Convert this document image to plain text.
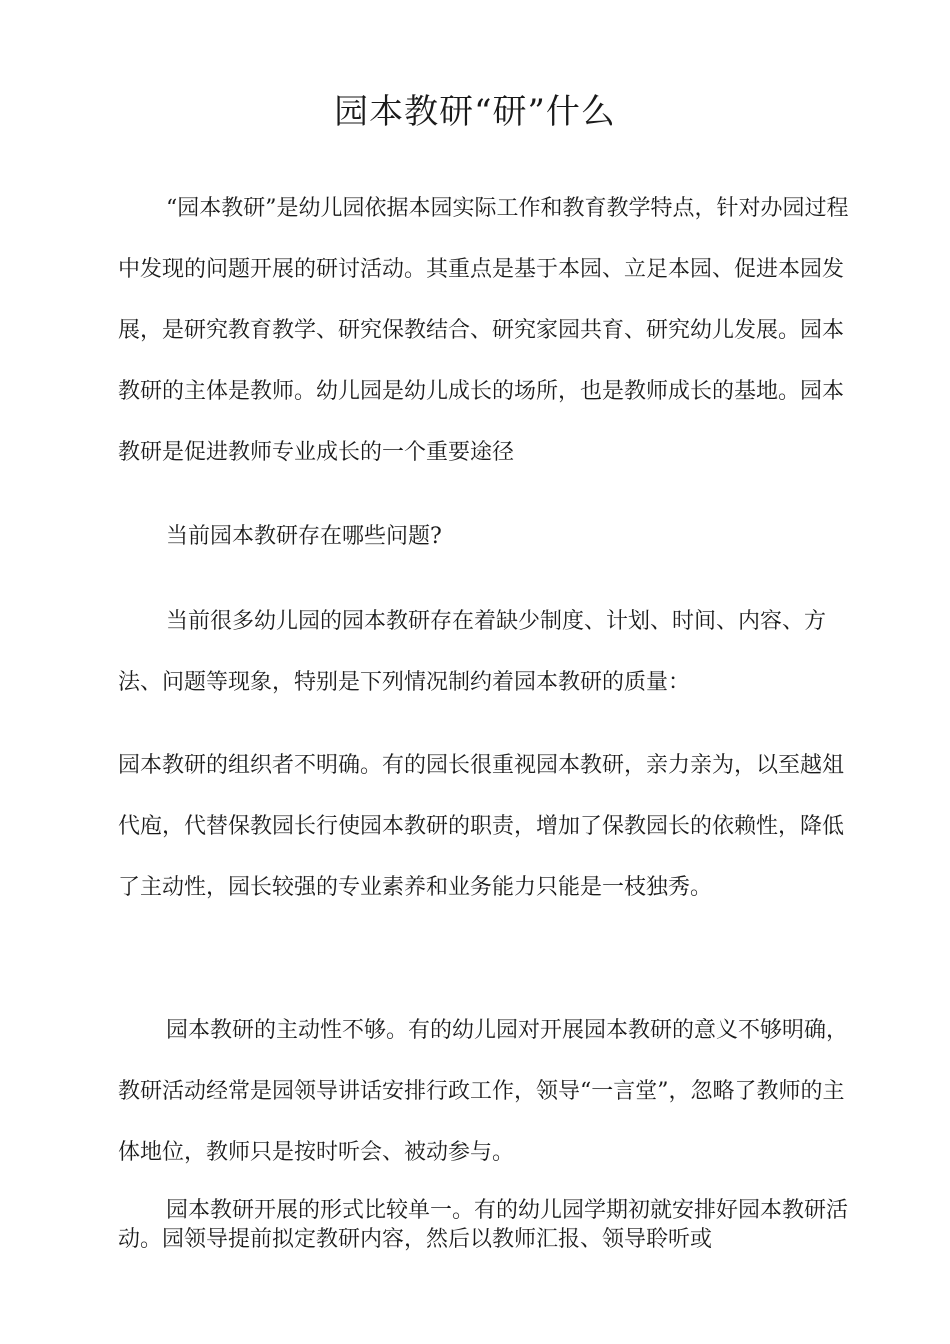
园本教研“研”什么

“园本教研”是幼儿园依据本园实际工作和教育教学特点，针对办园过程中发现的问题开展的研讨活动。其重点是基于本园、立足本园、促进本园发展，是研究教育教学、研究保教结合、研究家园共育、研究幼儿发展。园本教研的主体是教师。幼儿园是幼儿成长的场所，也是教师成长的基地。园本教研是促进教师专业成长的一个重要途径

当前园本教研存在哪些问题?

当前很多幼儿园的园本教研存在着缺少制度、计划、时间、内容、方法、问题等现象，特别是下列情况制约着园本教研的质量：

园本教研的组织者不明确。有的园长很重视园本教研，亲力亲为，以至越俎代庖，代替保教园长行使园本教研的职责，增加了保教园长的依赖性，降低了主动性，园长较强的专业素养和业务能力只能是一枝独秀。

园本教研的主动性不够。有的幼儿园对开展园本教研的意义不够明确，教研活动经常是园领导讲话安排行政工作，领导“一言堂”，忽略了教师的主体地位，教师只是按时听会、被动参与。

园本教研开展的形式比较单一。有的幼儿园学期初就安排好园本教研活动。园领导提前拟定教研内容，然后以教师汇报、领导聆听或
